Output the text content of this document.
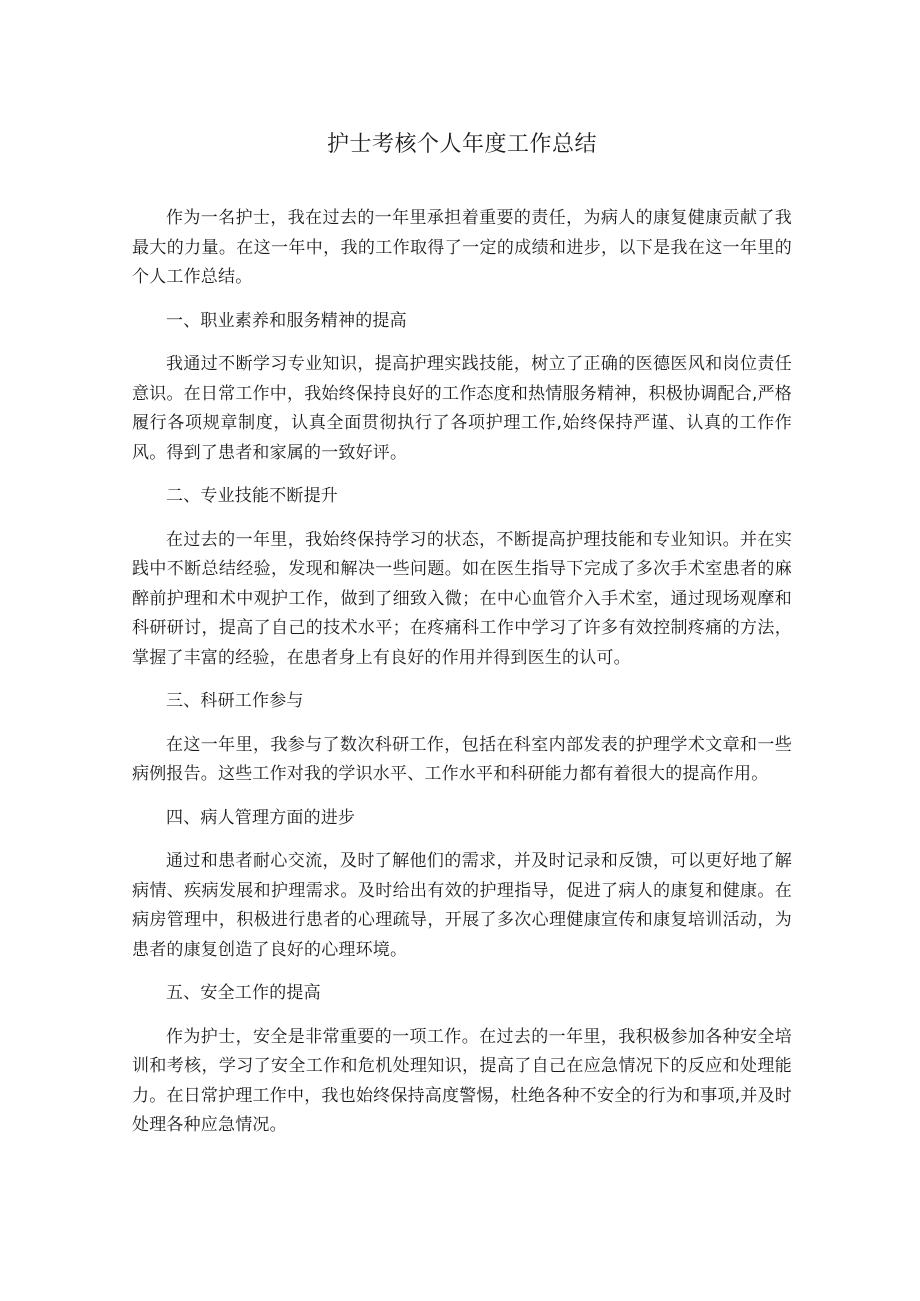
护士考核个人年度工作总结

作为一名护士，我在过去的一年里承担着重要的责任，为病人的康复健康贡献了我最大的力量。在这一年中，我的工作取得了一定的成绩和进步，以下是我在这一年里的个人工作总结。

一、职业素养和服务精神的提高

我通过不断学习专业知识，提高护理实践技能，树立了正确的医德医风和岗位责任意识。在日常工作中，我始终保持良好的工作态度和热情服务精神，积极协调配合,严格履行各项规章制度，认真全面贯彻执行了各项护理工作,始终保持严谨、认真的工作作风。得到了患者和家属的一致好评。

二、专业技能不断提升

在过去的一年里，我始终保持学习的状态，不断提高护理技能和专业知识。并在实践中不断总结经验，发现和解决一些问题。如在医生指导下完成了多次手术室患者的麻醉前护理和术中观护工作，做到了细致入微；在中心血管介入手术室，通过现场观摩和科研研讨，提高了自己的技术水平；在疼痛科工作中学习了许多有效控制疼痛的方法，掌握了丰富的经验，在患者身上有良好的作用并得到医生的认可。

三、科研工作参与

在这一年里，我参与了数次科研工作，包括在科室内部发表的护理学术文章和一些病例报告。这些工作对我的学识水平、工作水平和科研能力都有着很大的提高作用。

四、病人管理方面的进步

通过和患者耐心交流，及时了解他们的需求，并及时记录和反馈，可以更好地了解病情、疾病发展和护理需求。及时给出有效的护理指导，促进了病人的康复和健康。在病房管理中，积极进行患者的心理疏导，开展了多次心理健康宣传和康复培训活动，为患者的康复创造了良好的心理环境。

五、安全工作的提高

作为护士，安全是非常重要的一项工作。在过去的一年里，我积极参加各种安全培训和考核，学习了安全工作和危机处理知识，提高了自己在应急情况下的反应和处理能力。在日常护理工作中，我也始终保持高度警惕，杜绝各种不安全的行为和事项,并及时处理各种应急情况。
